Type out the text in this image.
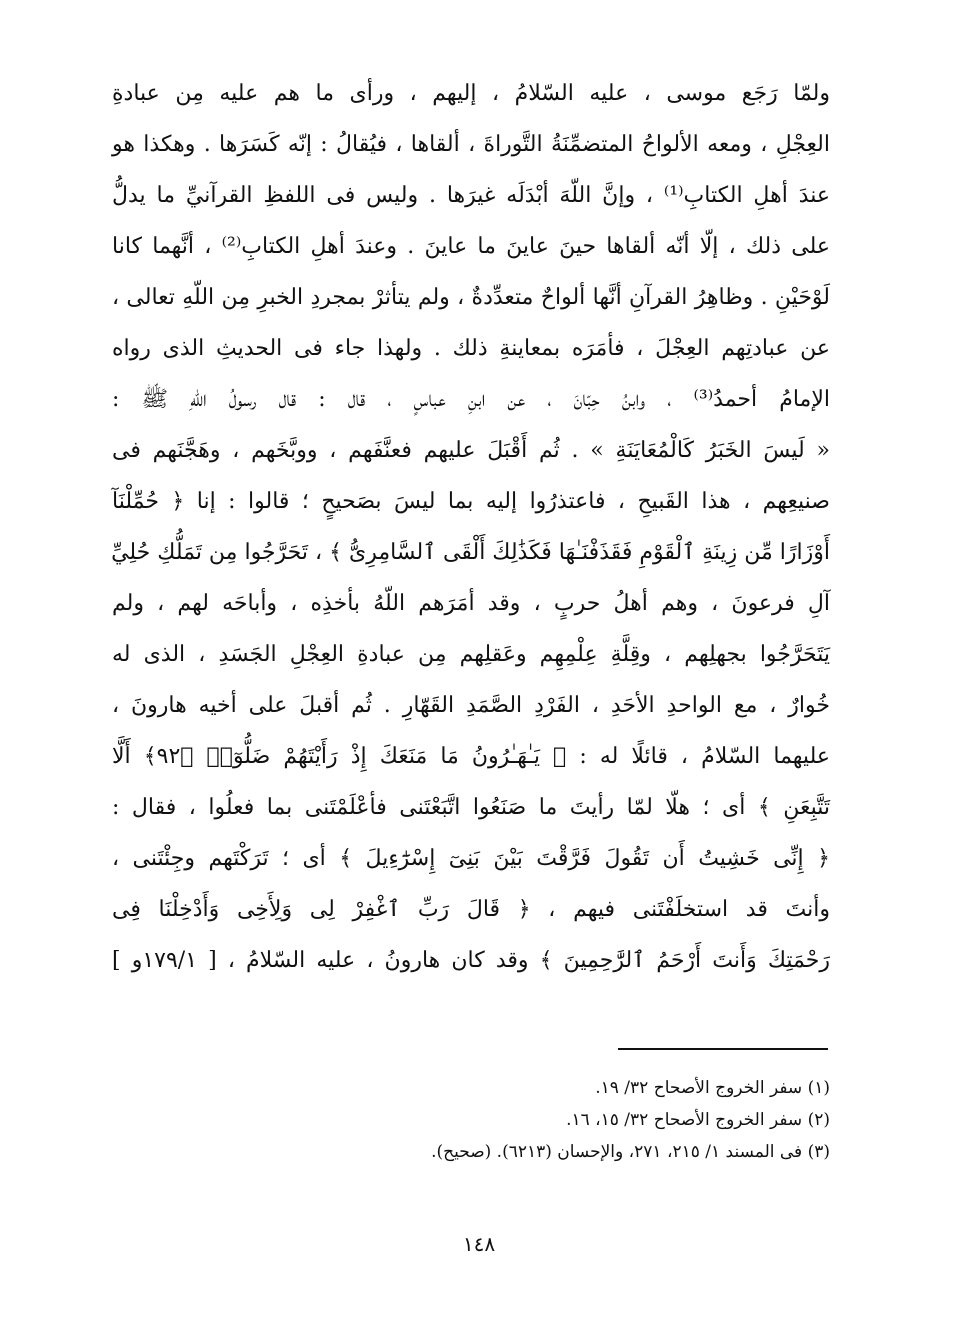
ولمّا رَجَع موسى ، عليه السّلامُ ، إليهم ، ورأى ما هم عليه مِن عبادةِ
العِجْلِ ، ومعه الألواحُ المتضمِّنَةُ التَّوراةَ ، ألقاها ، فيُقالُ : إنّه كَسَرَها . وهكذا هو
عندَ أهلِ الكتابِ⁽¹⁾ ، وإنَّ اللّهَ أبْدَلَه غيرَها . وليس فى اللفظِ القرآنيِّ ما يدلُّ
على ذلك ، إلّا أنّه ألقاها حينَ عاينَ ما عاينَ . وعندَ أهلِ الكتابِ⁽²⁾ ، أنَّهما كانا
لَوْحَيْنِ . وظاهِرُ القرآنِ أنَّها ألواحٌ متعدِّدةٌ ، ولم يتأثرْ بمجردِ الخبرِ مِن اللّهِ تعالى ،
عن عبادتِهم العِجْلَ ، فأمَرَه بمعاينةِ ذلك . ولهذا جاء فى الحديثِ الذى رواه
الإمامُ أحمدُ⁽³⁾ ، وابنُ حِبّانَ ، عن ابنِ عباسٍ ، قال : قال رسولُ اللّهِ ﷺ :
« لَيسَ الخَبَرُ كَالْمُعَايَنَةِ » . ثُم أَقْبَلَ عليهم فعنَّفَهم ، ووبَّخَهم ، وهَجَّنَهم فى
صنيعِهم ، هذا القَبيحِ ، فاعتذرُوا إليه بما ليسَ بصَحيحٍ ؛ قالوا : إنا ﴿ حُمِّلْنَآ
أَوْزَارًا مِّن زِينَةِ ٱلْقَوْمِ فَقَذَفْنَـٰهَا فَكَذَٰلِكَ أَلْقَى ٱلسَّامِرِىُّ ﴾ ، تَحَرَّجُوا مِن تَمَلُّكِ حُلِيِّ
آلِ فرعونَ ، وهم أهلُ حربٍ ، وقد أمَرَهم اللّهُ بأخذِه ، وأباحَه لهم ، ولم
يَتَحَرَّجُوا بجهلِهم ، وقِلَّةِ عِلْمِهِم وعَقلِهم مِن عبادةِ العِجْلِ الجَسَدِ ، الذى له
خُوارٌ ، مع الواحدِ الأحَدِ ، الفَرْدِ الصَّمَدِ القَهّارِ . ثُم أقبلَ على أخيه هارونَ ،
عليهما السّلامُ ، قائلًا له : ﴿ يَـٰهَـٰرُونُ مَا مَنَعَكَ إِذْ رَأَيْتَهُمْ ضَلُّوٓا۟ ﴿٩٢﴾ أَلَّا
تَتَّبِعَنِ ﴾ أى ؛ هلّا لمّا رأيتَ ما صَنَعُوا اتَّبَعْتَنى فأعْلَمْتَنى بما فعلُوا ، فقال :
﴿ إِنِّى خَشِيتُ أَن تَقُولَ فَرَّقْتَ بَيْنَ بَنِىٓ إِسْرَٰٓءِيلَ ﴾ أى ؛ تَرَكْتَهم وجِئْتَنى ،
وأنتَ قد استخلَفْتَنى فيهم ، ﴿ قَالَ رَبِّ ٱغْفِرْ لِى وَلِأَخِى وَأَدْخِلْنَا فِى
رَحْمَتِكَ وَأَنتَ أَرْحَمُ ٱلرَّٰحِمِينَ ﴾ وقد كان هارونُ ، عليه السّلامُ ، [ ١٧٩/١و ]
(١) سفر الخروج الأصحاح ٣٢/ ١٩.
(٢) سفر الخروج الأصحاح ٣٢/ ١٥، ١٦.
(٣) فى المسند ١/ ٢١٥، ٢٧١، والإحسان (٦٢١٣). (صحيح).
١٤٨
